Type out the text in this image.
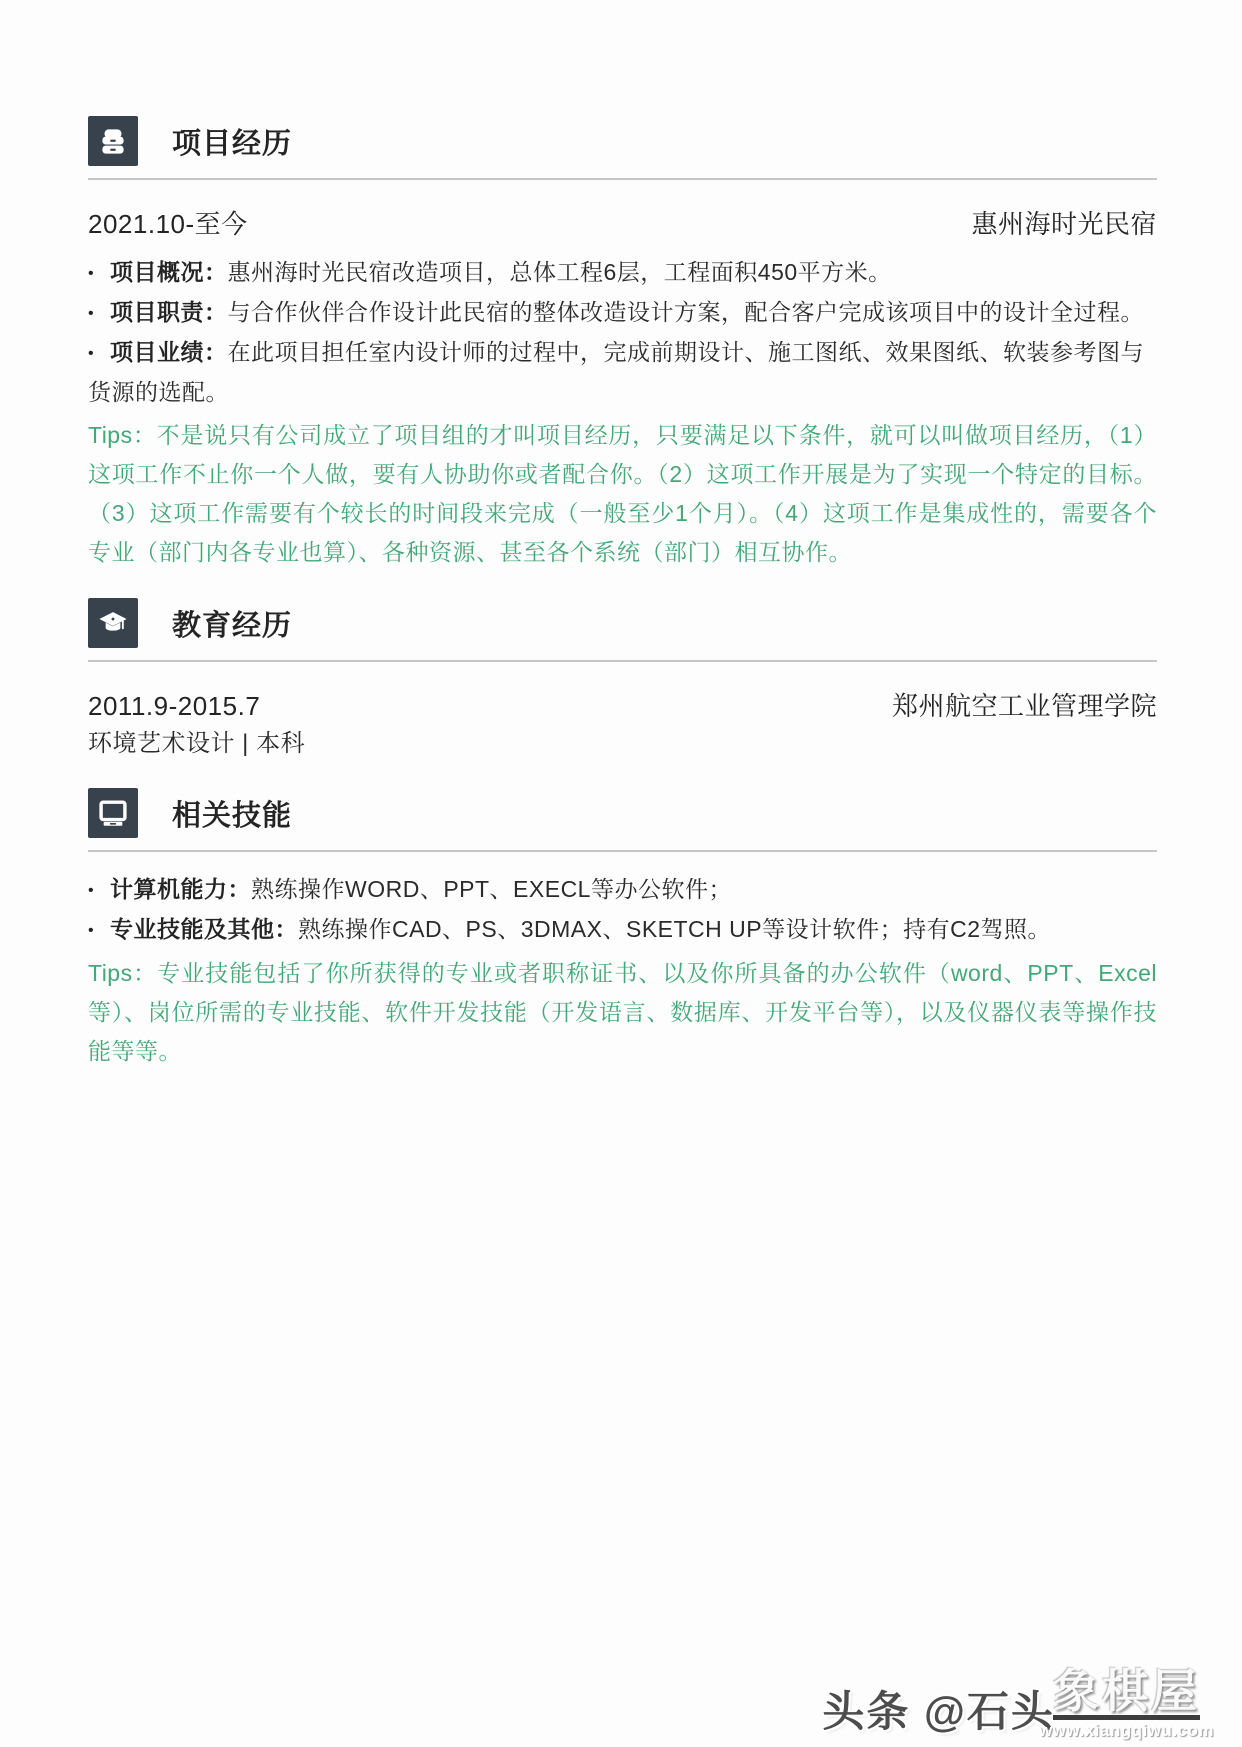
项目经历
2021.10-至今	惠州海时光民宿
• 项目概况：惠州海时光民宿改造项目，总体工程6层，工程面积450平方米。
• 项目职责：与合作伙伴合作设计此民宿的整体改造设计方案，配合客户完成该项目中的设计全过程。
• 项目业绩：在此项目担任室内设计师的过程中，完成前期设计、施工图纸、效果图纸、软装参考图与货源的选配。
Tips：不是说只有公司成立了项目组的才叫项目经历，只要满足以下条件，就可以叫做项目经历，（1）这项工作不止你一个人做，要有人协助你或者配合你。（2）这项工作开展是为了实现一个特定的目标。（3）这项工作需要有个较长的时间段来完成（一般至少1个月）。（4）这项工作是集成性的，需要各个专业（部门内各专业也算）、各种资源、甚至各个系统（部门）相互协作。
教育经历
2011.9-2015.7	郑州航空工业管理学院
环境艺术设计 | 本科
相关技能
• 计算机能力：熟练操作WORD、PPT、EXECL等办公软件；
• 专业技能及其他：熟练操作CAD、PS、3DMAX、SKETCH UP等设计软件；持有C2驾照。
Tips：专业技能包括了你所获得的专业或者职称证书、以及你所具备的办公软件（word、PPT、Excel等）、岗位所需的专业技能、软件开发技能（开发语言、数据库、开发平台等），以及仪器仪表等操作技能等等。
头条 @石头
象棋屋
www.xiangqiwu.com
